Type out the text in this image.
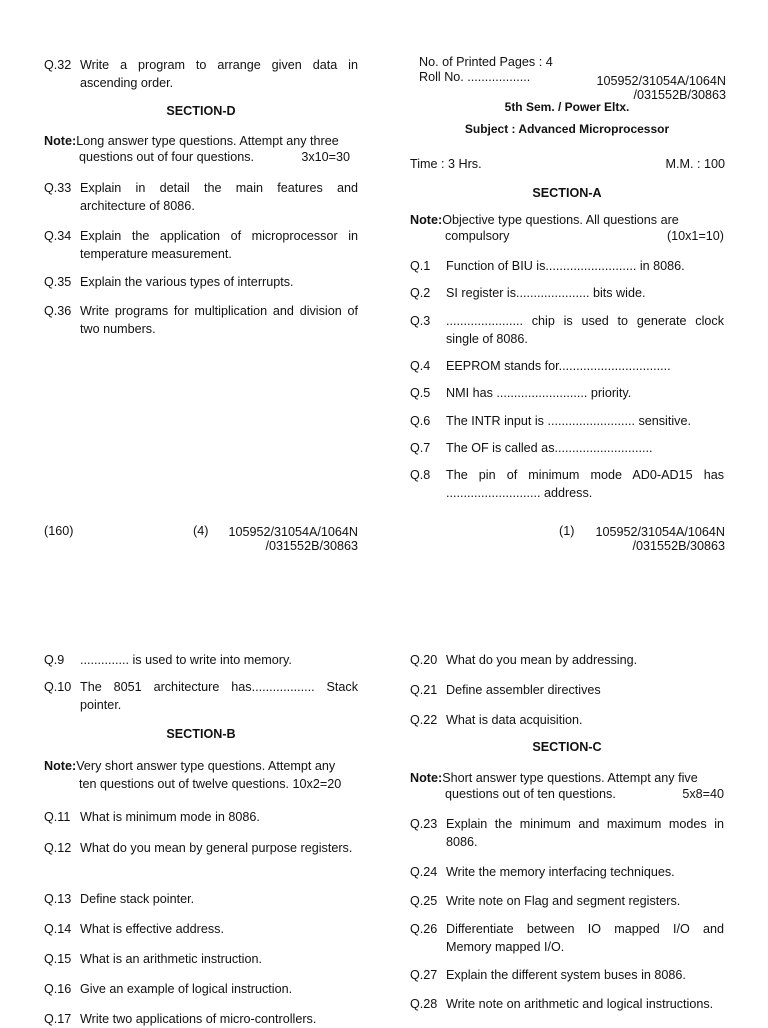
Q.32 Write a program to arrange given data in ascending order.
SECTION-D
Note: Long answer type questions. Attempt any three
questions out of four questions.	3x10=30
Q.33 Explain in detail the main features and architecture of 8086.
Q.34 Explain the application of microprocessor in temperature measurement.
Q.35 Explain the various types of interrupts.
Q.36 Write programs for multiplication and division of two numbers.
(160)	(4)	105952/31054A/1064N
/031552B/30863
No. of Printed Pages : 4
Roll No. ..................	105952/31054A/1064N
/031552B/30863
5th Sem. / Power Eltx.
Subject : Advanced Microprocessor
Time : 3 Hrs.	M.M. : 100
SECTION-A
Note: Objective type questions. All questions are
compulsory	(10x1=10)
Q.1	Function of BIU is.......................... in 8086.
Q.2	SI register is..................... bits wide.
Q.3	...................... chip is used to generate clock single of 8086.
Q.4	EEPROM stands for................................
Q.5	NMI has .......................... priority.
Q.6	The INTR input is ......................... sensitive.
Q.7	The OF is called as............................
Q.8	The pin of minimum mode AD0-AD15 has ........................... address.
(1)	105952/31054A/1064N
/031552B/30863
Q.9	.............. is used to write into memory.
Q.10 The 8051 architecture has.................. Stack pointer.
SECTION-B
Note: Very short answer type questions. Attempt any
ten questions out of twelve questions. 10x2=20
Q.11 What is minimum mode in 8086.
Q.12 What do you mean by general purpose registers.
Q.13 Define stack pointer.
Q.14 What is effective address.
Q.15 What is an arithmetic instruction.
Q.16 Give an example of logical instruction.
Q.17 Write two applications of micro-controllers.
Q.20 What do you mean by addressing.
Q.21 Define assembler directives
Q.22 What is data acquisition.
SECTION-C
Note: Short answer type questions. Attempt any five
questions out of ten questions.	5x8=40
Q.23 Explain the minimum and maximum modes in 8086.
Q.24 Write the memory interfacing techniques.
Q.25 Write note on Flag and segment registers.
Q.26 Differentiate between IO mapped I/O and Memory mapped I/O.
Q.27 Explain the different system buses in 8086.
Q.28 Write note on arithmetic and logical instructions.
